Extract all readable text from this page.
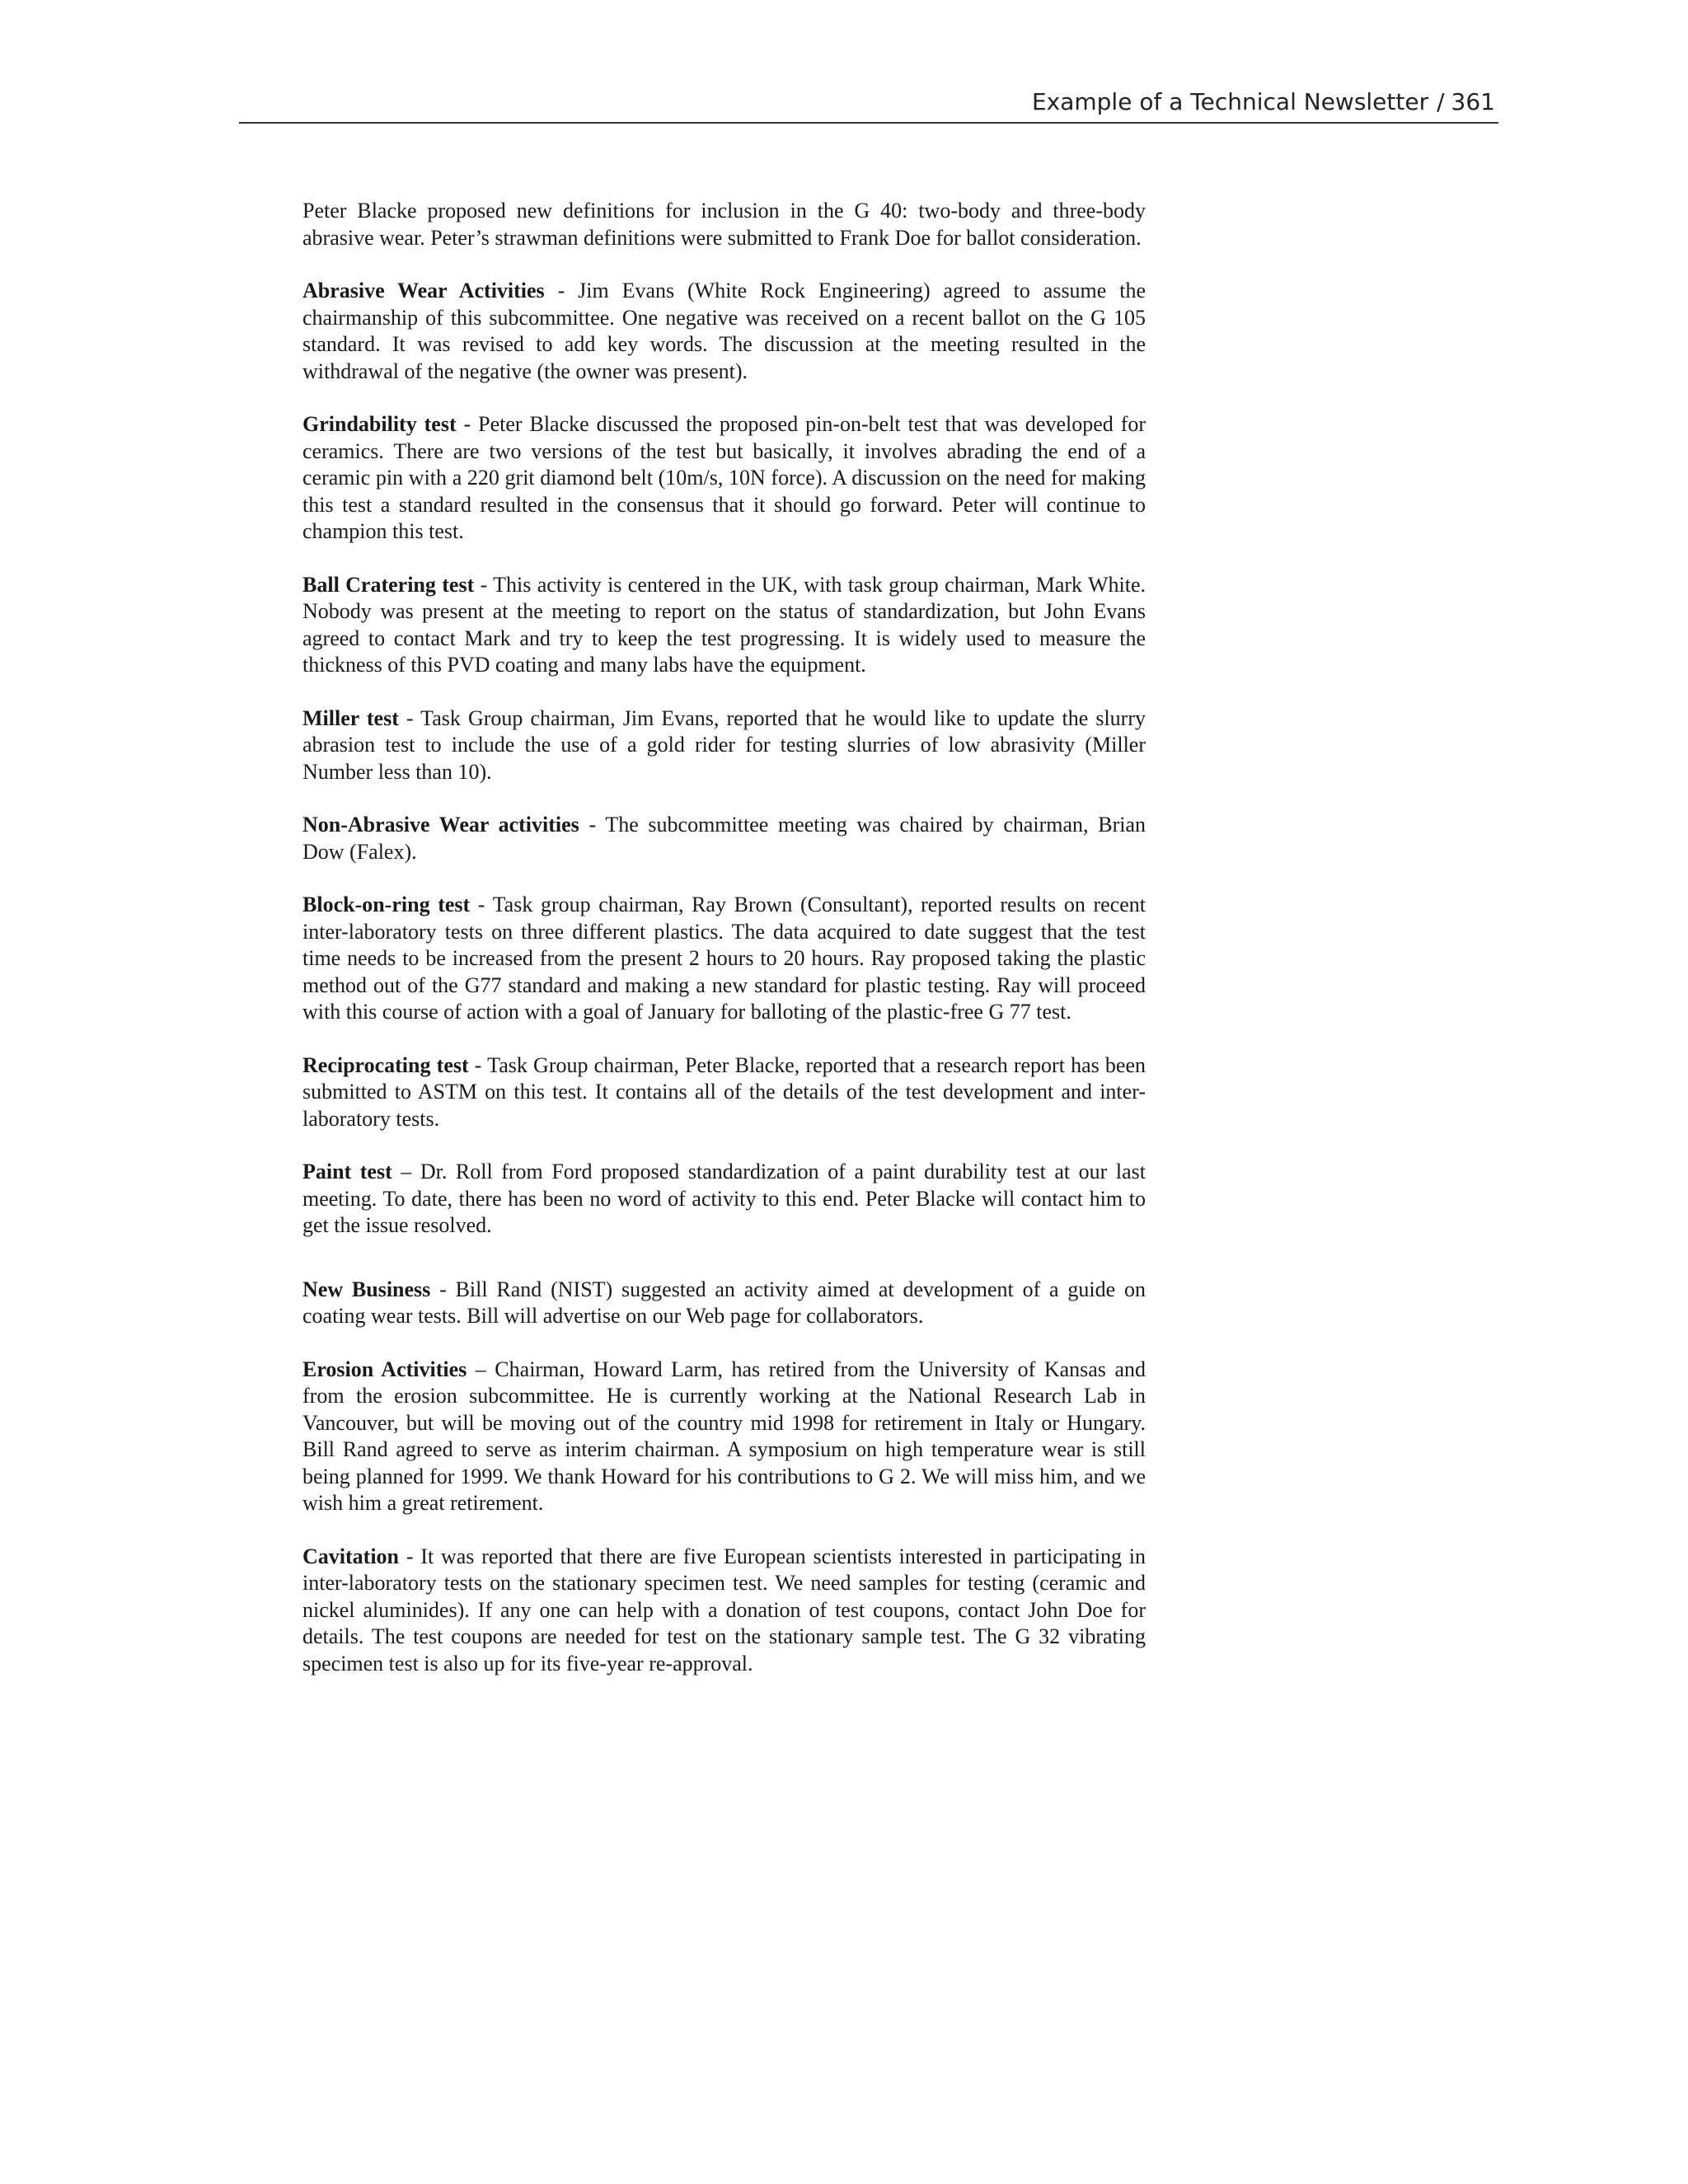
Example of a Technical Newsletter / 361

Peter Blacke proposed new definitions for inclusion in the G 40: two-body and three-body abrasive wear. Peter’s strawman definitions were submitted to Frank Doe for ballot consideration.

Abrasive Wear Activities - Jim Evans (White Rock Engineering) agreed to assume the chairmanship of this subcommittee. One negative was received on a recent ballot on the G 105 standard. It was revised to add key words. The discussion at the meeting resulted in the withdrawal of the negative (the owner was present).

Grindability test - Peter Blacke discussed the proposed pin-on-belt test that was developed for ceramics. There are two versions of the test but basically, it involves abrading the end of a ceramic pin with a 220 grit diamond belt (10m/s, 10N force). A discussion on the need for making this test a standard resulted in the consensus that it should go forward. Peter will continue to champion this test.

Ball Cratering test - This activity is centered in the UK, with task group chairman, Mark White. Nobody was present at the meeting to report on the status of standardization, but John Evans agreed to contact Mark and try to keep the test progressing. It is widely used to measure the thickness of this PVD coating and many labs have the equipment.

Miller test - Task Group chairman, Jim Evans, reported that he would like to update the slurry abrasion test to include the use of a gold rider for testing slurries of low abrasivity (Miller Number less than 10).

Non-Abrasive Wear activities - The subcommittee meeting was chaired by chairman, Brian Dow (Falex).

Block-on-ring test - Task group chairman, Ray Brown (Consultant), reported results on recent inter-laboratory tests on three different plastics. The data acquired to date suggest that the test time needs to be increased from the present 2 hours to 20 hours. Ray proposed taking the plastic method out of the G77 standard and making a new standard for plastic testing. Ray will proceed with this course of action with a goal of January for balloting of the plastic-free G 77 test.

Reciprocating test - Task Group chairman, Peter Blacke, reported that a research report has been submitted to ASTM on this test. It contains all of the details of the test development and inter-laboratory tests.

Paint test – Dr. Roll from Ford proposed standardization of a paint durability test at our last meeting. To date, there has been no word of activity to this end. Peter Blacke will contact him to get the issue resolved.

New Business - Bill Rand (NIST) suggested an activity aimed at development of a guide on coating wear tests. Bill will advertise on our Web page for collaborators.

Erosion Activities – Chairman, Howard Larm, has retired from the University of Kansas and from the erosion subcommittee. He is currently working at the National Research Lab in Vancouver, but will be moving out of the country mid 1998 for retirement in Italy or Hungary. Bill Rand agreed to serve as interim chairman. A symposium on high temperature wear is still being planned for 1999. We thank Howard for his contributions to G 2. We will miss him, and we wish him a great retirement.

Cavitation - It was reported that there are five European scientists interested in participating in inter-laboratory tests on the stationary specimen test. We need samples for testing (ceramic and nickel aluminides). If any one can help with a donation of test coupons, contact John Doe for details. The test coupons are needed for test on the stationary sample test. The G 32 vibrating specimen test is also up for its five-year re-approval.
